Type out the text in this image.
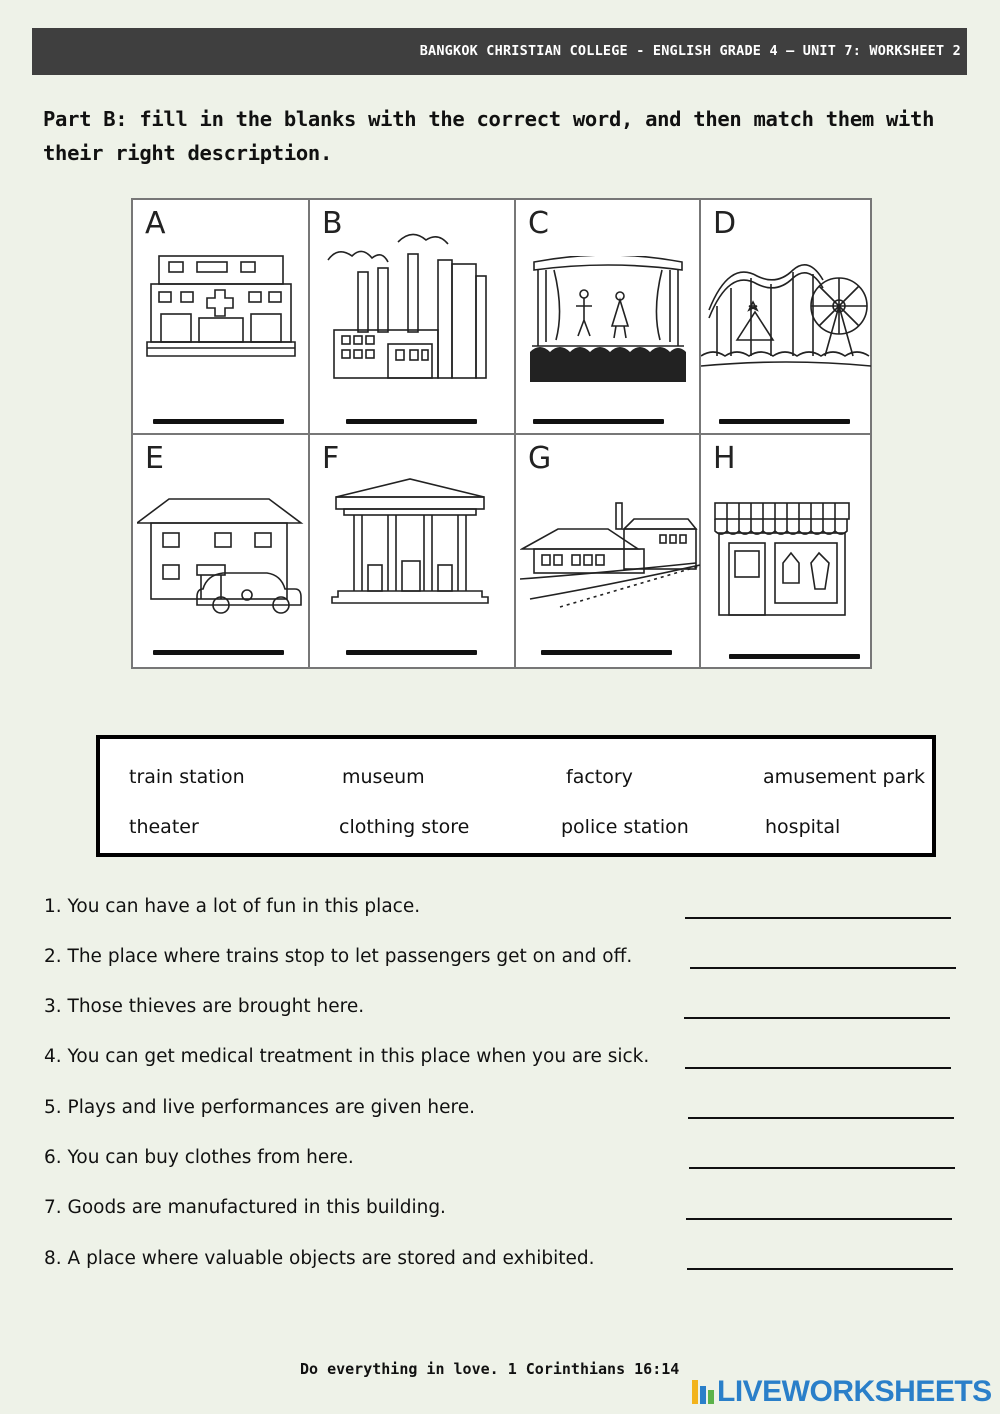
BANGKOK CHRISTIAN COLLEGE - ENGLISH GRADE 4 – UNIT 7: WORKSHEET 2
Part B: fill in the blanks with the correct word, and then match them with their right description.
A	B	C	D
E	F	G	H
train station	museum	factory	amusement park
theater	clothing store	police station	hospital
1. You can have a lot of fun in this place.
2. The place where trains stop to let passengers get on and off.
3. Those thieves are brought here.
4. You can get medical treatment in this place when you are sick.
5. Plays and live performances are given here.
6. You can buy clothes from here.
7. Goods are manufactured in this building.
8. A place where valuable objects are stored and exhibited.
Do everything in love. 1 Corinthians 16:14
LIVEWORKSHEETS
